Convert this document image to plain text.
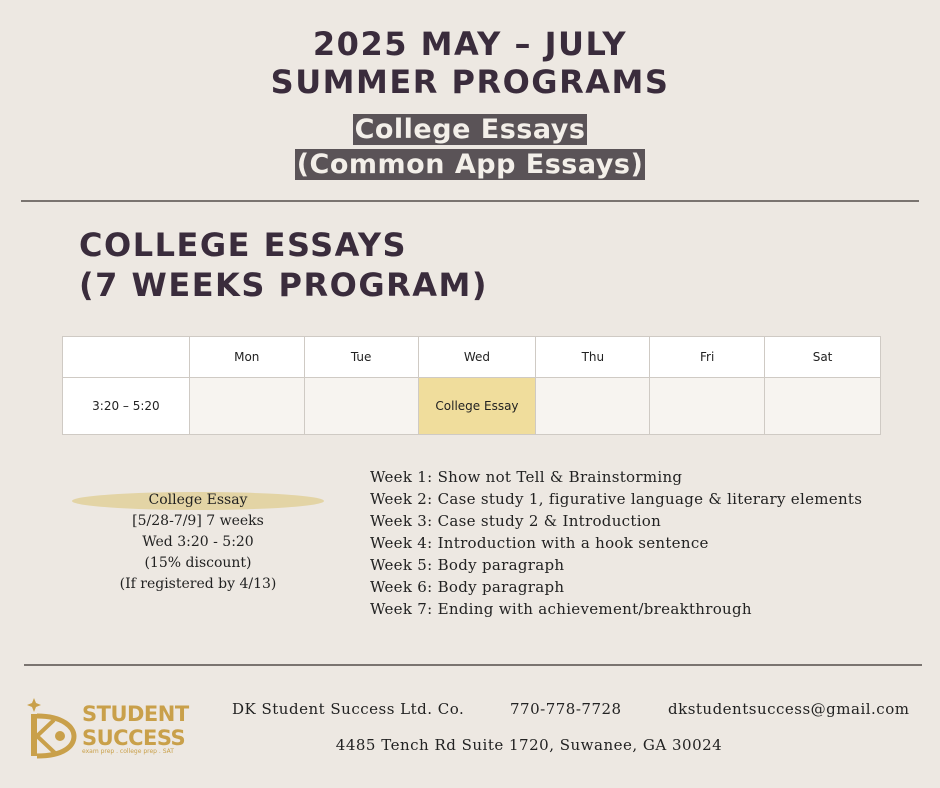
2025 MAY – JULY
SUMMER PROGRAMS
College Essays
(Common App Essays)
COLLEGE ESSAYS
(7 WEEKS PROGRAM)
	Mon	Tue	Wed	Thu	Fri	Sat
3:20 – 5:20			College Essay			
College Essay
[5/28-7/9] 7 weeks
Wed 3:20 - 5:20
(15% discount)
(If registered by 4/13)
Week 1: Show not Tell & Brainstorming
Week 2: Case study 1, figurative language & literary elements
Week 3: Case study 2 & Introduction
Week 4: Introduction with a hook sentence
Week 5: Body paragraph
Week 6: Body paragraph
Week 7: Ending with achievement/breakthrough
STUDENT
SUCCESS
exam prep . college prep . SAT
DK Student Success Ltd. Co.	770-778-7728	dkstudentsuccess@gmail.com
4485 Tench Rd Suite 1720, Suwanee, GA 30024
